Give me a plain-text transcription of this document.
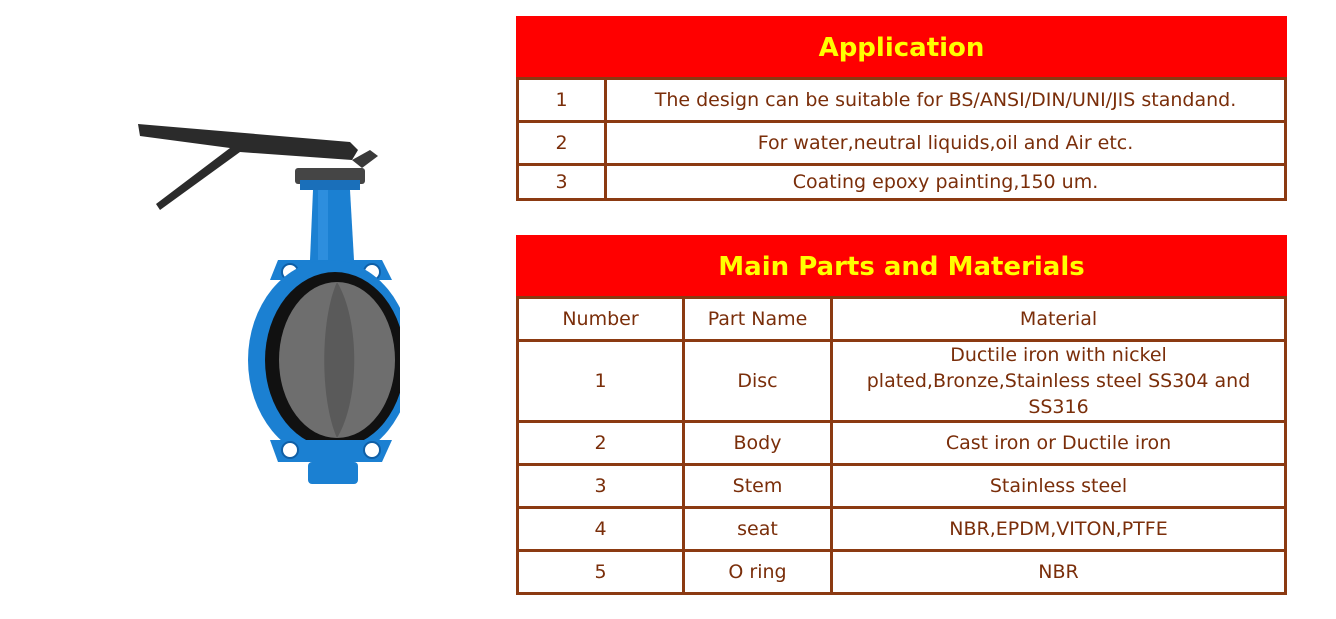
Application	
1	The design can be suitable for BS/ANSI/DIN/UNI/JIS standand.
2	For water,neutral liquids,oil and Air etc.
3	Coating epoxy painting,150 um.
Main Parts and Materials		
Number	Part Name	Material
1	Disc	Ductile iron with nickel plated,Bronze,Stainless steel SS304 and SS316
2	Body	Cast iron or Ductile iron
3	Stem	Stainless steel
4	seat	NBR,EPDM,VITON,PTFE
5	O ring	NBR
